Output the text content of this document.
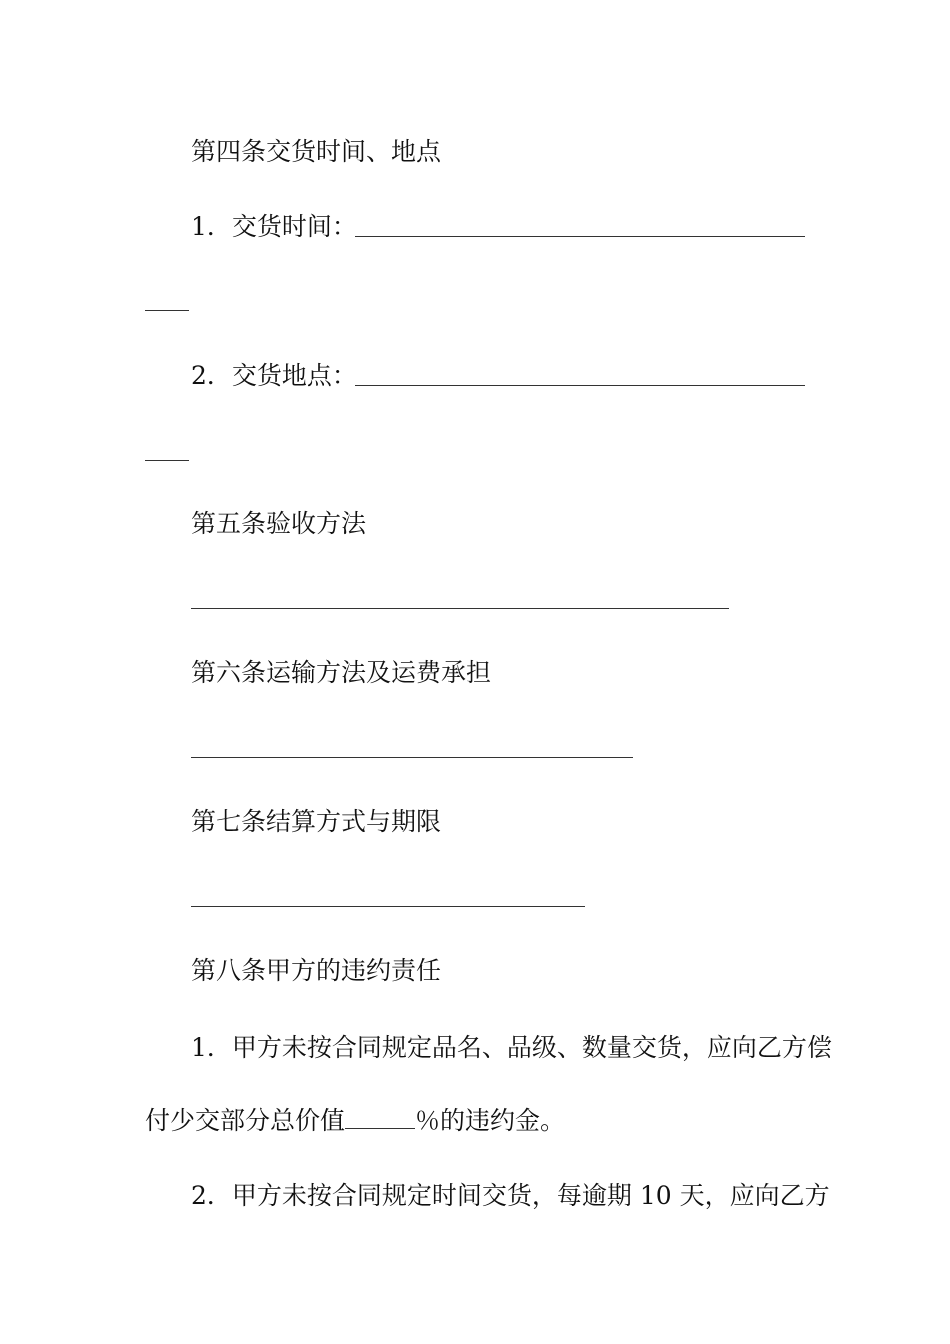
第四条交货时间、地点
1．交货时间：
2．交货地点：
第五条验收方法
第六条运输方法及运费承担
第七条结算方式与期限
第八条甲方的违约责任
1．甲方未按合同规定品名、品级、数量交货，应向乙方偿
付少交部分总价值	％的违约金。
2．甲方未按合同规定时间交货，每逾期 10 天，应向乙方
